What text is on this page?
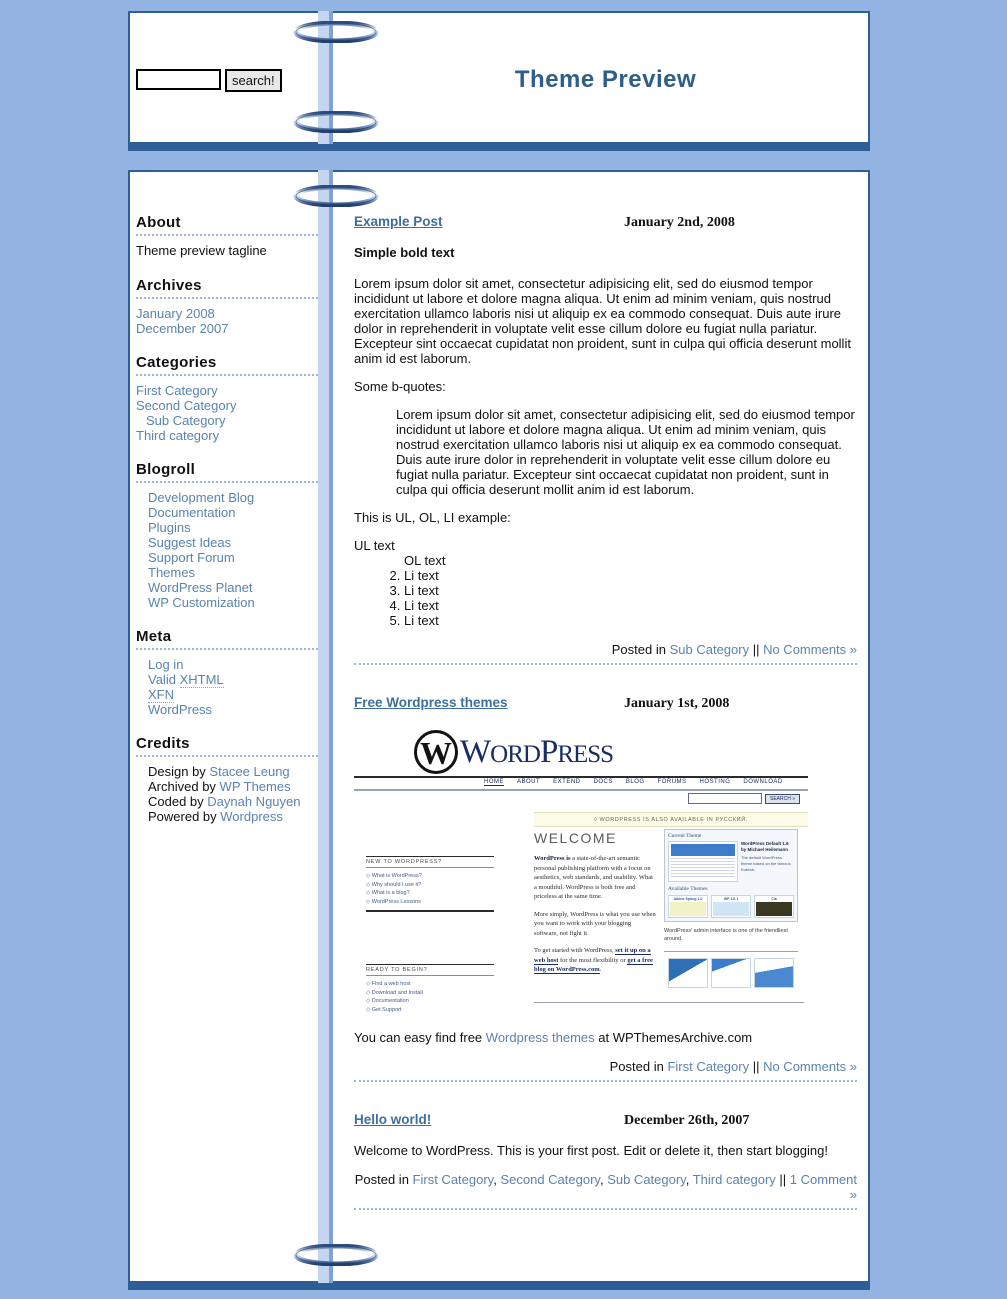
search!	Theme Preview
About

Theme preview tagline

Archives
January 2008
December 2007
Categories
First Category
Second Category
Sub Category
Third category
Blogroll
Development Blog
Documentation
Plugins
Suggest Ideas
Support Forum
Themes
WordPress Planet
WP Customization
Meta
Log in
Valid XHTML
XFN
WordPress
Credits
Design by Stacee Leung
Archived by WP Themes
Coded by Daynah Nguyen
Powered by Wordpress
Example Post	January 2nd, 2008

Simple bold text

Lorem ipsum dolor sit amet, consectetur adipisicing elit, sed do eiusmod tempor incididunt ut labore et dolore magna aliqua. Ut enim ad minim veniam, quis nostrud exercitation ullamco laboris nisi ut aliquip ex ea commodo consequat. Duis aute irure dolor in reprehenderit in voluptate velit esse cillum dolore eu fugiat nulla pariatur. Excepteur sint occaecat cupidatat non proident, sunt in culpa qui officia deserunt mollit anim id est laborum.

Some b-quotes:

Lorem ipsum dolor sit amet, consectetur adipisicing elit, sed do eiusmod tempor incididunt ut labore et dolore magna aliqua. Ut enim ad minim veniam, quis nostrud exercitation ullamco laboris nisi ut aliquip ex ea commodo consequat. Duis aute irure dolor in reprehenderit in voluptate velit esse cillum dolore eu fugiat nulla pariatur. Excepteur sint occaecat cupidatat non proident, sunt in culpa qui officia deserunt mollit anim id est laborum.

This is UL, OL, LI example:

UL text
OL text
2. Li text
3. Li text
4. Li text
5. Li text
Posted in Sub Category || No Comments »
Free Wordpress themes	January 1st, 2008
W WORDPRESS
HOME ABOUT EXTEND DOCS BLOG FORUMS HOSTING DOWNLOAD
SEARCH »
◊ WORDPRESS IS ALSO AVAILABLE IN РУССКИЙ.
WELCOME
NEW TO WORDPRESS?
◇ What is WordPress?
◇ Why should I use it?
◇ What is a blog?
◇ WordPress Lessons
READY TO BEGIN?
◇ Find a web host
◇ Download and Install
◇ Documentation
◇ Get Support

WordPress is a state-of-the-art semantic personal publishing platform with a focus on aesthetics, web standards, and usability. What a mouthful. WordPress is both free and priceless at the same time.

More simply, WordPress is what you use when you want to work with your blogging software, not fight it.

To get started with WordPress, set it up on a web host for the most flexibility or get a free blog on WordPress.com.

Current Theme
WordPress Default 1.6 by Michael Heilemann
The default WordPress theme based on the famous Kubrick.
Available Themes
Albino Spring 1.0	WP 1.5.1	Cla
WordPress' admin interface is one of the friendliest around.

You can easy find free Wordpress themes at WPThemesArchive.com

Posted in First Category || No Comments »
Hello world!	December 26th, 2007

Welcome to WordPress. This is your first post. Edit or delete it, then start blogging!

Posted in First Category, Second Category, Sub Category, Third category || 1 Comment »
